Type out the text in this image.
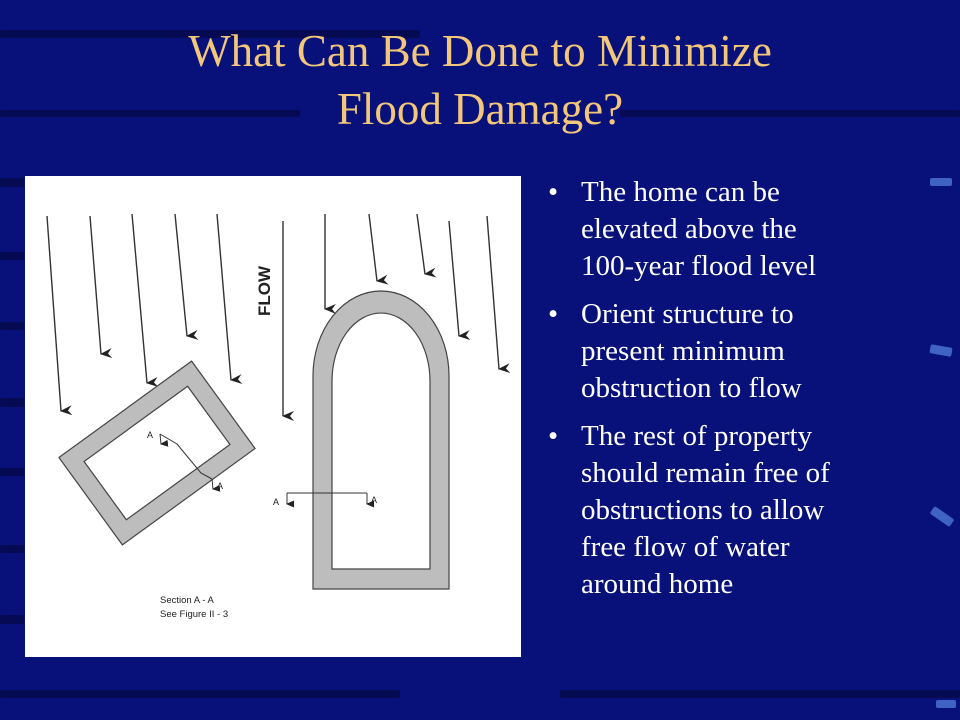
What Can Be Done to Minimize
Flood Damage?
FLOW
A
A
A	A
Section A - A
See Figure II - 3
• The home can be
elevated above the
100-year flood level
• Orient structure to
present minimum
obstruction to flow
• The rest of property
should remain free of
obstructions to allow
free flow of water
around home
